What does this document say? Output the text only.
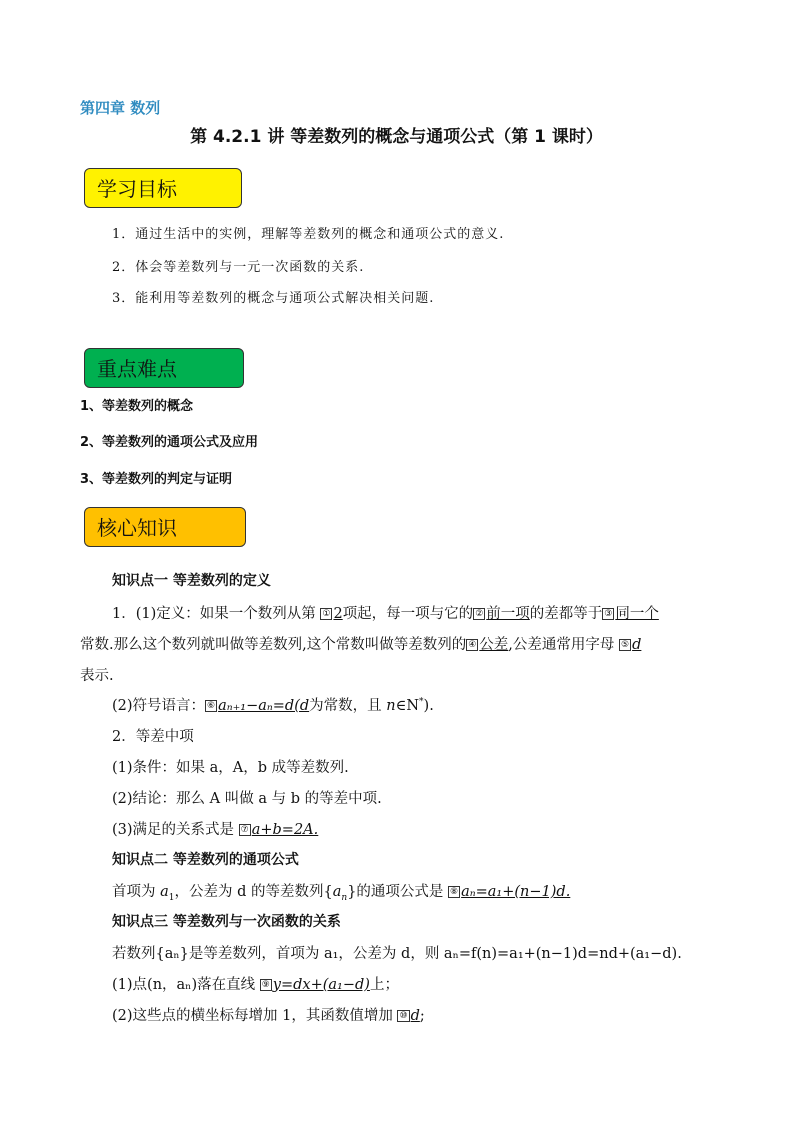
第四章 数列
第 4.2.1 讲 等差数列的概念与通项公式（第 1 课时）
学习目标
1．通过生活中的实例，理解等差数列的概念和通项公式的意义.
2．体会等差数列与一元一次函数的关系.
3．能利用等差数列的概念与通项公式解决相关问题.
重点难点
1、等差数列的概念
2、等差数列的通项公式及应用
3、等差数列的判定与证明
核心知识
知识点一 等差数列的定义
1．(1)定义：如果一个数列从第 ① 2项起，每一项与它的 ② 前一项的差都等于 ③ 同一个
常数.那么这个数列就叫做等差数列,这个常数叫做等差数列的 ④ 公差,公差通常用字母 ⑤ d
表示.
(2)符号语言： ⑥ aₙ₊₁−aₙ=d(d为常数，且 n∈N*).
2．等差中项
(1)条件：如果 a，A，b 成等差数列.
(2)结论：那么 A 叫做 a 与 b 的等差中项.
(3)满足的关系式是 ⑦ a+b=2A.
知识点二 等差数列的通项公式
首项为 $a_1$，公差为 d 的等差数列$\{a_n\}$的通项公式是 ⑧ aₙ=a₁+(n−1)d.
知识点三 等差数列与一次函数的关系
若数列{aₙ}是等差数列，首项为 a₁，公差为 d，则 aₙ=f(n)=a₁+(n−1)d=nd+(a₁−d).
(1)点(n，aₙ)落在直线 ⑨ y=dx+(a₁−d)上；
(2)这些点的横坐标每增加 1，其函数值增加 ⑩ d;
